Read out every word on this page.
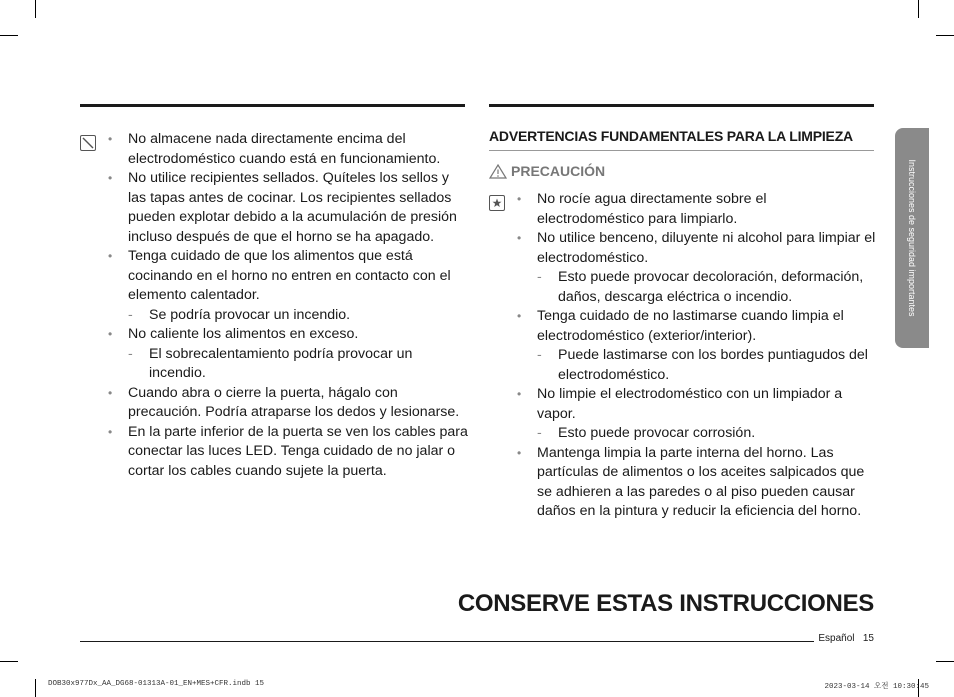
• No almacene nada directamente encima del electrodoméstico cuando está en funcionamiento.

• No utilice recipientes sellados. Quíteles los sellos y las tapas antes de cocinar. Los recipientes sellados pueden explotar debido a la acumulación de presión incluso después de que el horno se ha apagado.

• Tenga cuidado de que los alimentos que está cocinando en el horno no entren en contacto con el elemento calentador.

- Se podría provocar un incendio.

• No caliente los alimentos en exceso.

- El sobrecalentamiento podría provocar un incendio.

• Cuando abra o cierre la puerta, hágalo con precaución. Podría atraparse los dedos y lesionarse.

• En la parte inferior de la puerta se ven los cables para conectar las luces LED. Tenga cuidado de no jalar o cortar los cables cuando sujete la puerta.

ADVERTENCIAS FUNDAMENTALES PARA LA LIMPIEZA
PRECAUCIÓN

• No rocíe agua directamente sobre el electrodoméstico para limpiarlo.

• No utilice benceno, diluyente ni alcohol para limpiar el electrodoméstico.

- Esto puede provocar decoloración, deformación, daños, descarga eléctrica o incendio.

• Tenga cuidado de no lastimarse cuando limpia el electrodoméstico (exterior/interior).

- Puede lastimarse con los bordes puntiagudos del electrodoméstico.

• No limpie el electrodoméstico con un limpiador a vapor.

- Esto puede provocar corrosión.

• Mantenga limpia la parte interna del horno. Las partículas de alimentos o los aceites salpicados que se adhieren a las paredes o al piso pueden causar daños en la pintura y reducir la eficiencia del horno.

Instrucciones de seguridad importantes
CONSERVE ESTAS INSTRUCCIONES
Español 15
DOB30x977Dx_AA_DG68-01313A-01_EN+MES+CFR.indb 15	2023-03-14 오전 10:30:45
